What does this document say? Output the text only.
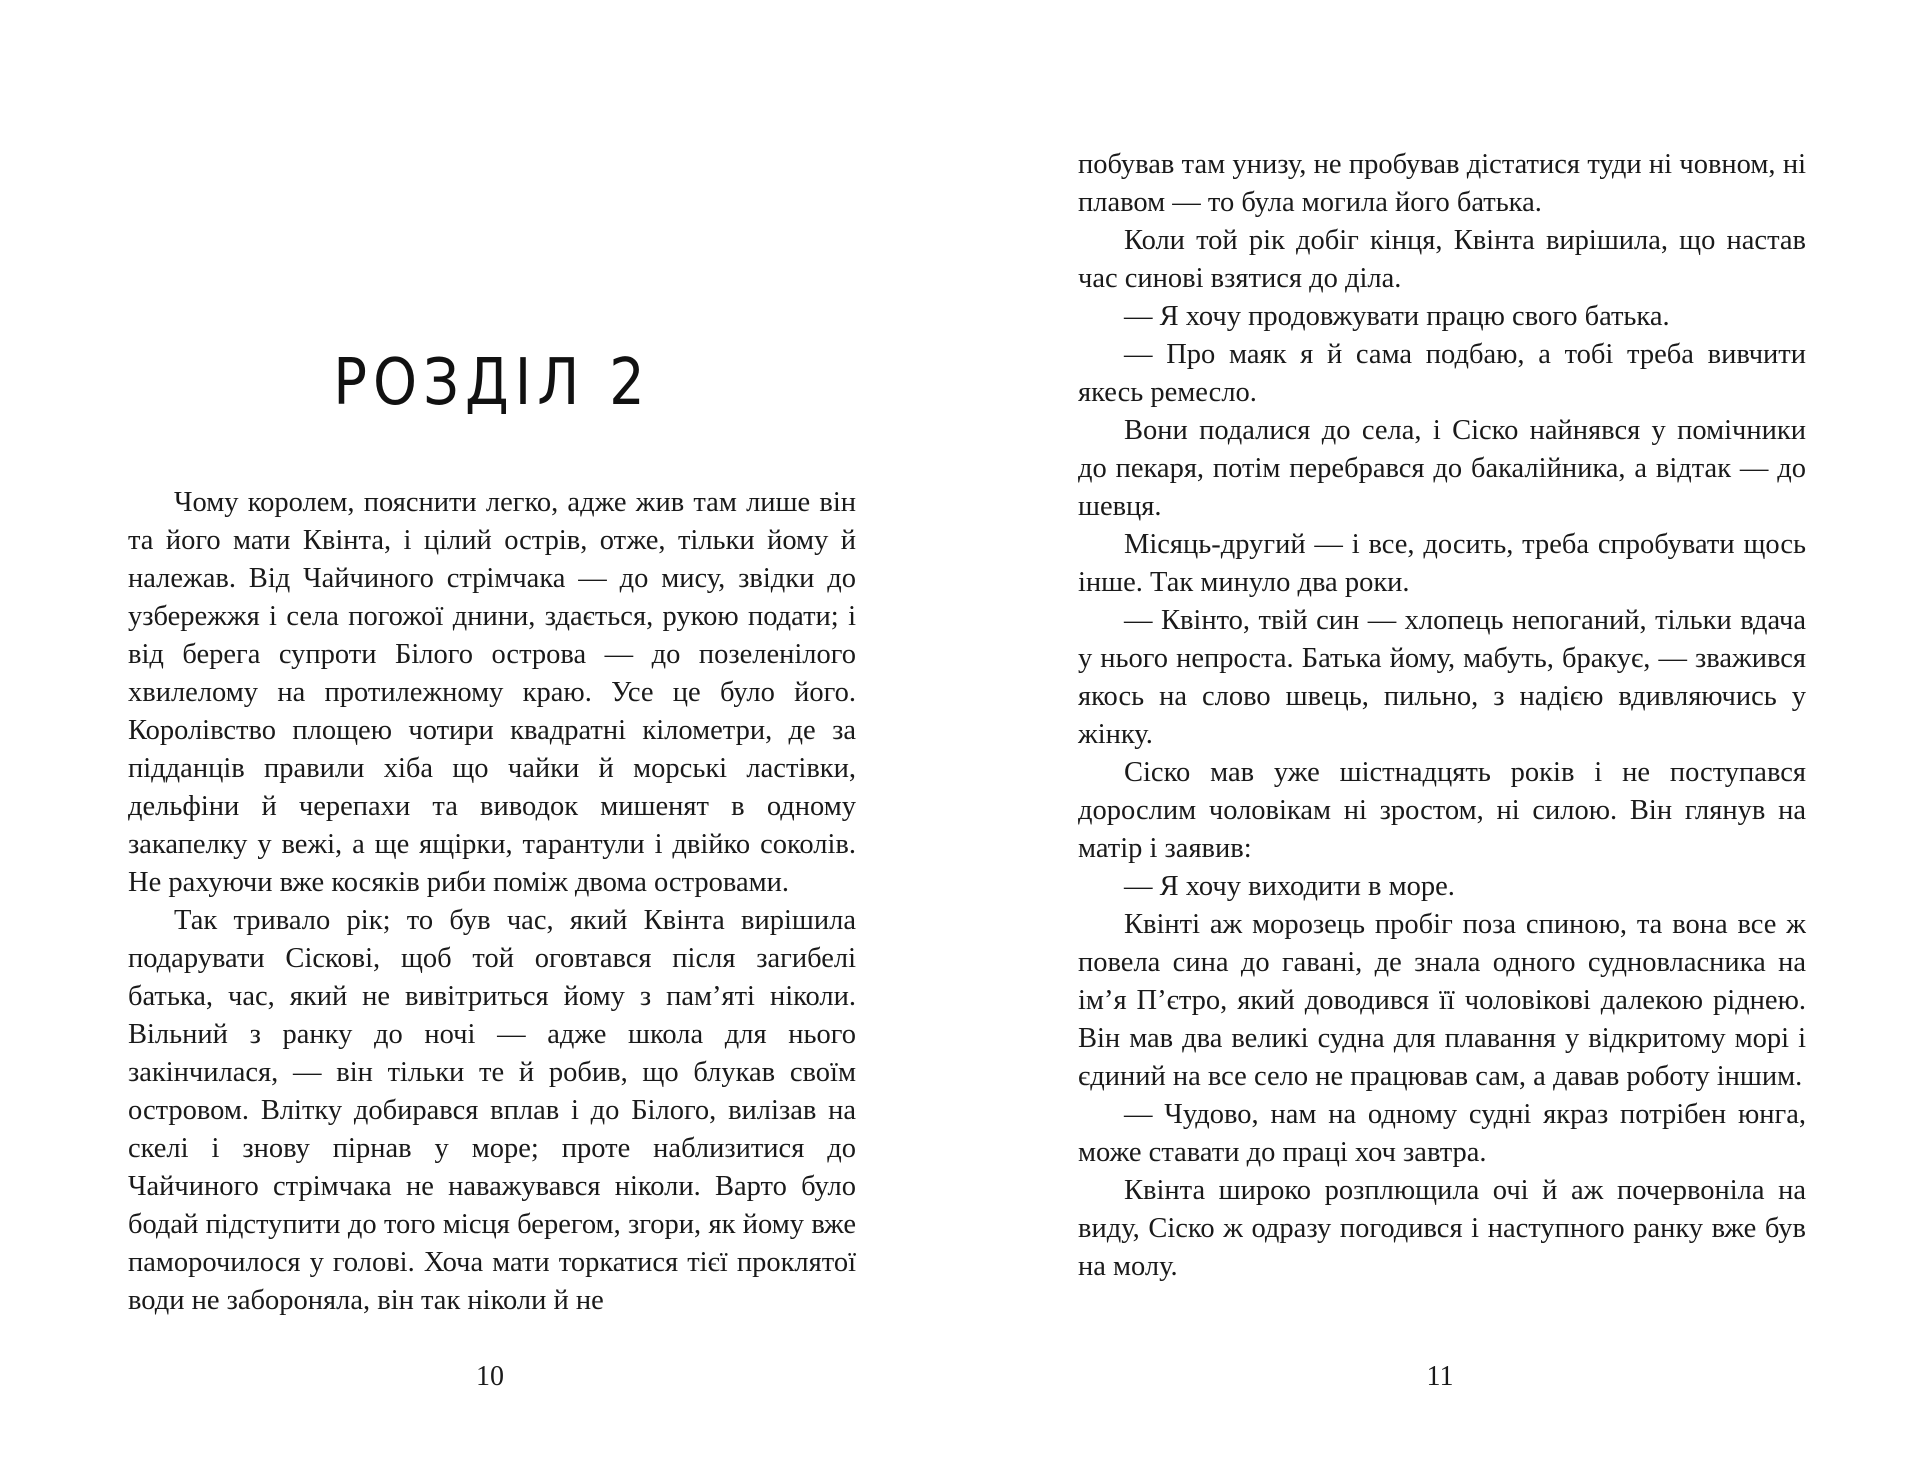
РОЗДІЛ 2

Чому королем, пояснити легко, адже жив там лише він та його мати Квінта, і цілий острів, отже, тільки йому й належав. Від Чайчиного стрімчака — до мису, звідки до узбережжя і села погожої днини, здається, рукою подати; і від берега супроти Білого острова — до позеленілого хвилелому на протилежному краю. Усе це було його. Королівство площею чотири квадратні кілометри, де за підданців правили хіба що чайки й морські ластівки, дельфіни й черепахи та виводок мишенят в одному закапелку у вежі, а ще ящірки, тарантули і двійко соколів. Не рахуючи вже косяків риби поміж двома островами.

Так тривало рік; то був час, який Квінта вирішила подарувати Сіскові, щоб той оговтався після загибелі батька, час, який не вивітриться йому з пам’яті ніколи. Вільний з ранку до ночі — адже школа для нього закінчилася, — він тільки те й робив, що блукав своїм островом. Влітку добирався вплав і до Білого, вилізав на скелі і знову пірнав у море; проте наблизитися до Чайчиного стрімчака не наважувався ніколи. Варто було бодай підступити до того місця берегом, згори, як йому вже паморочилося у голові. Хоча мати торкатися тієї проклятої води не забороняла, він так ніколи й не

10

побував там унизу, не пробував дістатися туди ні човном, ні плавом — то була могила його батька.

Коли той рік добіг кінця, Квінта вирішила, що настав час синові взятися до діла.

— Я хочу продовжувати працю свого батька.

— Про маяк я й сама подбаю, а тобі треба вивчити якесь ремесло.

Вони подалися до села, і Сіско найнявся у помічники до пекаря, потім перебрався до бакалійника, а відтак — до шевця.

Місяць-другий — і все, досить, треба спробувати щось інше. Так минуло два роки.

— Квінто, твій син — хлопець непоганий, тільки вдача у нього непроста. Батька йому, мабуть, бракує, — зважився якось на слово швець, пильно, з надією вдивляючись у жінку.

Сіско мав уже шістнадцять років і не поступався дорослим чоловікам ні зростом, ні силою. Він глянув на матір і заявив:

— Я хочу виходити в море.

Квінті аж морозець пробіг поза спиною, та вона все ж повела сина до гавані, де знала одного судновласника на ім’я П’єтро, який доводився її чоловікові далекою ріднею. Він мав два великі судна для плавання у відкритому морі і єдиний на все село не працював сам, а давав роботу іншим.

— Чудово, нам на одному судні якраз потрібен юнга, може ставати до праці хоч завтра.

Квінта широко розплющила очі й аж почервоніла на виду, Сіско ж одразу погодився і наступного ранку вже був на молу.

11
